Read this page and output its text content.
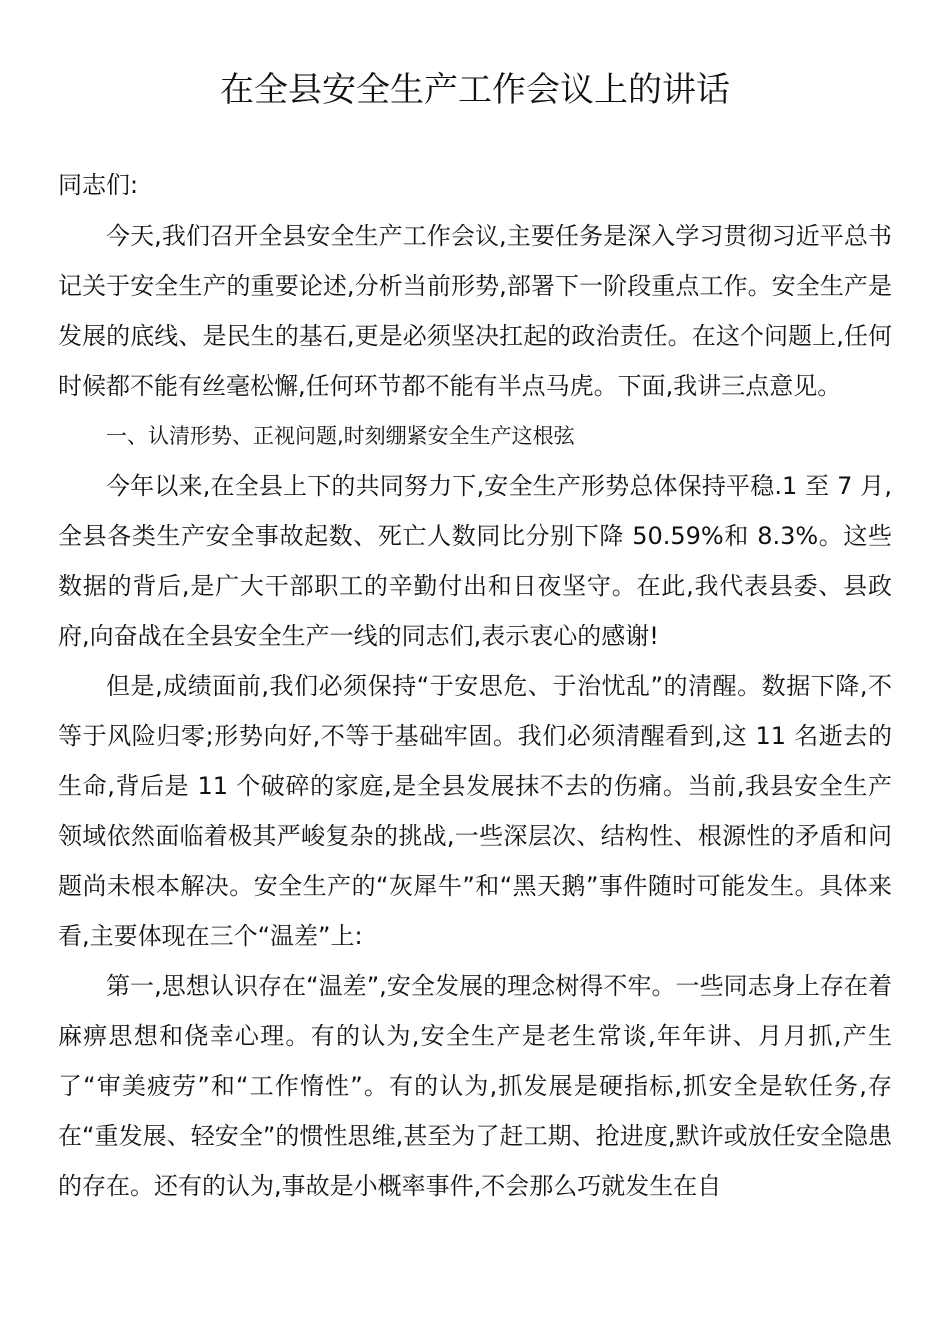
在全县安全生产工作会议上的讲话

同志们:

今天,我们召开全县安全生产工作会议,主要任务是深入学习贯彻习近平总书记关于安全生产的重要论述,分析当前形势,部署下一阶段重点工作。安全生产是发展的底线、是民生的基石,更是必须坚决扛起的政治责任。在这个问题上,任何时候都不能有丝毫松懈,任何环节都不能有半点马虎。下面,我讲三点意见。

一、认清形势、正视问题,时刻绷紧安全生产这根弦

今年以来,在全县上下的共同努力下,安全生产形势总体保持平稳.1 至 7 月,全县各类生产安全事故起数、死亡人数同比分别下降 50.59%和 8.3%。这些数据的背后,是广大干部职工的辛勤付出和日夜坚守。在此,我代表县委、县政府,向奋战在全县安全生产一线的同志们,表示衷心的感谢!

但是,成绩面前,我们必须保持“于安思危、于治忧乱”的清醒。数据下降,不等于风险归零;形势向好,不等于基础牢固。我们必须清醒看到,这 11 名逝去的生命,背后是 11 个破碎的家庭,是全县发展抹不去的伤痛。当前,我县安全生产领域依然面临着极其严峻复杂的挑战,一些深层次、结构性、根源性的矛盾和问题尚未根本解决。安全生产的“灰犀牛”和“黑天鹅”事件随时可能发生。具体来看,主要体现在三个“温差”上:

第一,思想认识存在“温差”,安全发展的理念树得不牢。一些同志身上存在着麻痹思想和侥幸心理。有的认为,安全生产是老生常谈,年年讲、月月抓,产生了“审美疲劳”和“工作惰性”。有的认为,抓发展是硬指标,抓安全是软任务,存在“重发展、轻安全”的惯性思维,甚至为了赶工期、抢进度,默许或放任安全隐患的存在。还有的认为,事故是小概率事件,不会那么巧就发生在自
